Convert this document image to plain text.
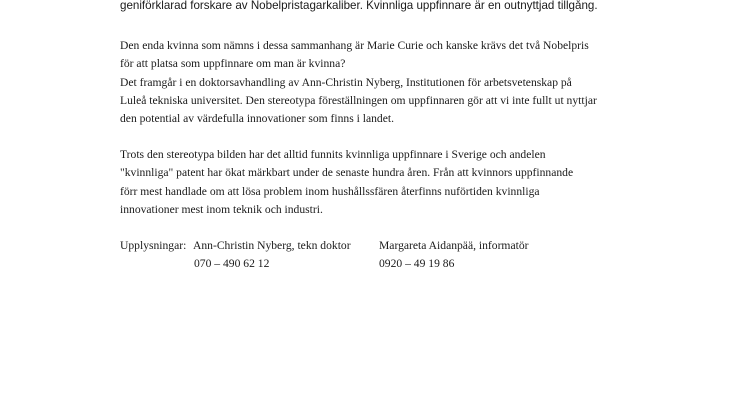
geniförklarad forskare av Nobelpristagarkaliber. Kvinnliga uppfinnare är en outnyttjad tillgång.
Den enda kvinna som nämns i dessa sammanhang är Marie Curie och kanske krävs det två Nobelpris
för att platsa som uppfinnare om man är kvinna?
Det framgår i en doktorsavhandling av Ann-Christin Nyberg, Institutionen för arbetsvetenskap på
Luleå tekniska universitet. Den stereotypa föreställningen om uppfinnaren gör att vi inte fullt ut nyttjar
den potential av värdefulla innovationer som finns i landet.
Trots den stereotypa bilden har det alltid funnits kvinnliga uppfinnare i Sverige och andelen
"kvinnliga" patent har ökat märkbart under de senaste hundra åren. Från att kvinnors uppfinnande
förr mest handlade om att lösa problem inom hushållssfären återfinns nuförtiden kvinnliga
innovationer mest inom teknik och industri.
Upplysningar: Ann-Christin Nyberg, tekn doktor
070 – 490 62 12
Margareta Aidanpää, informatör
0920 – 49 19 86
